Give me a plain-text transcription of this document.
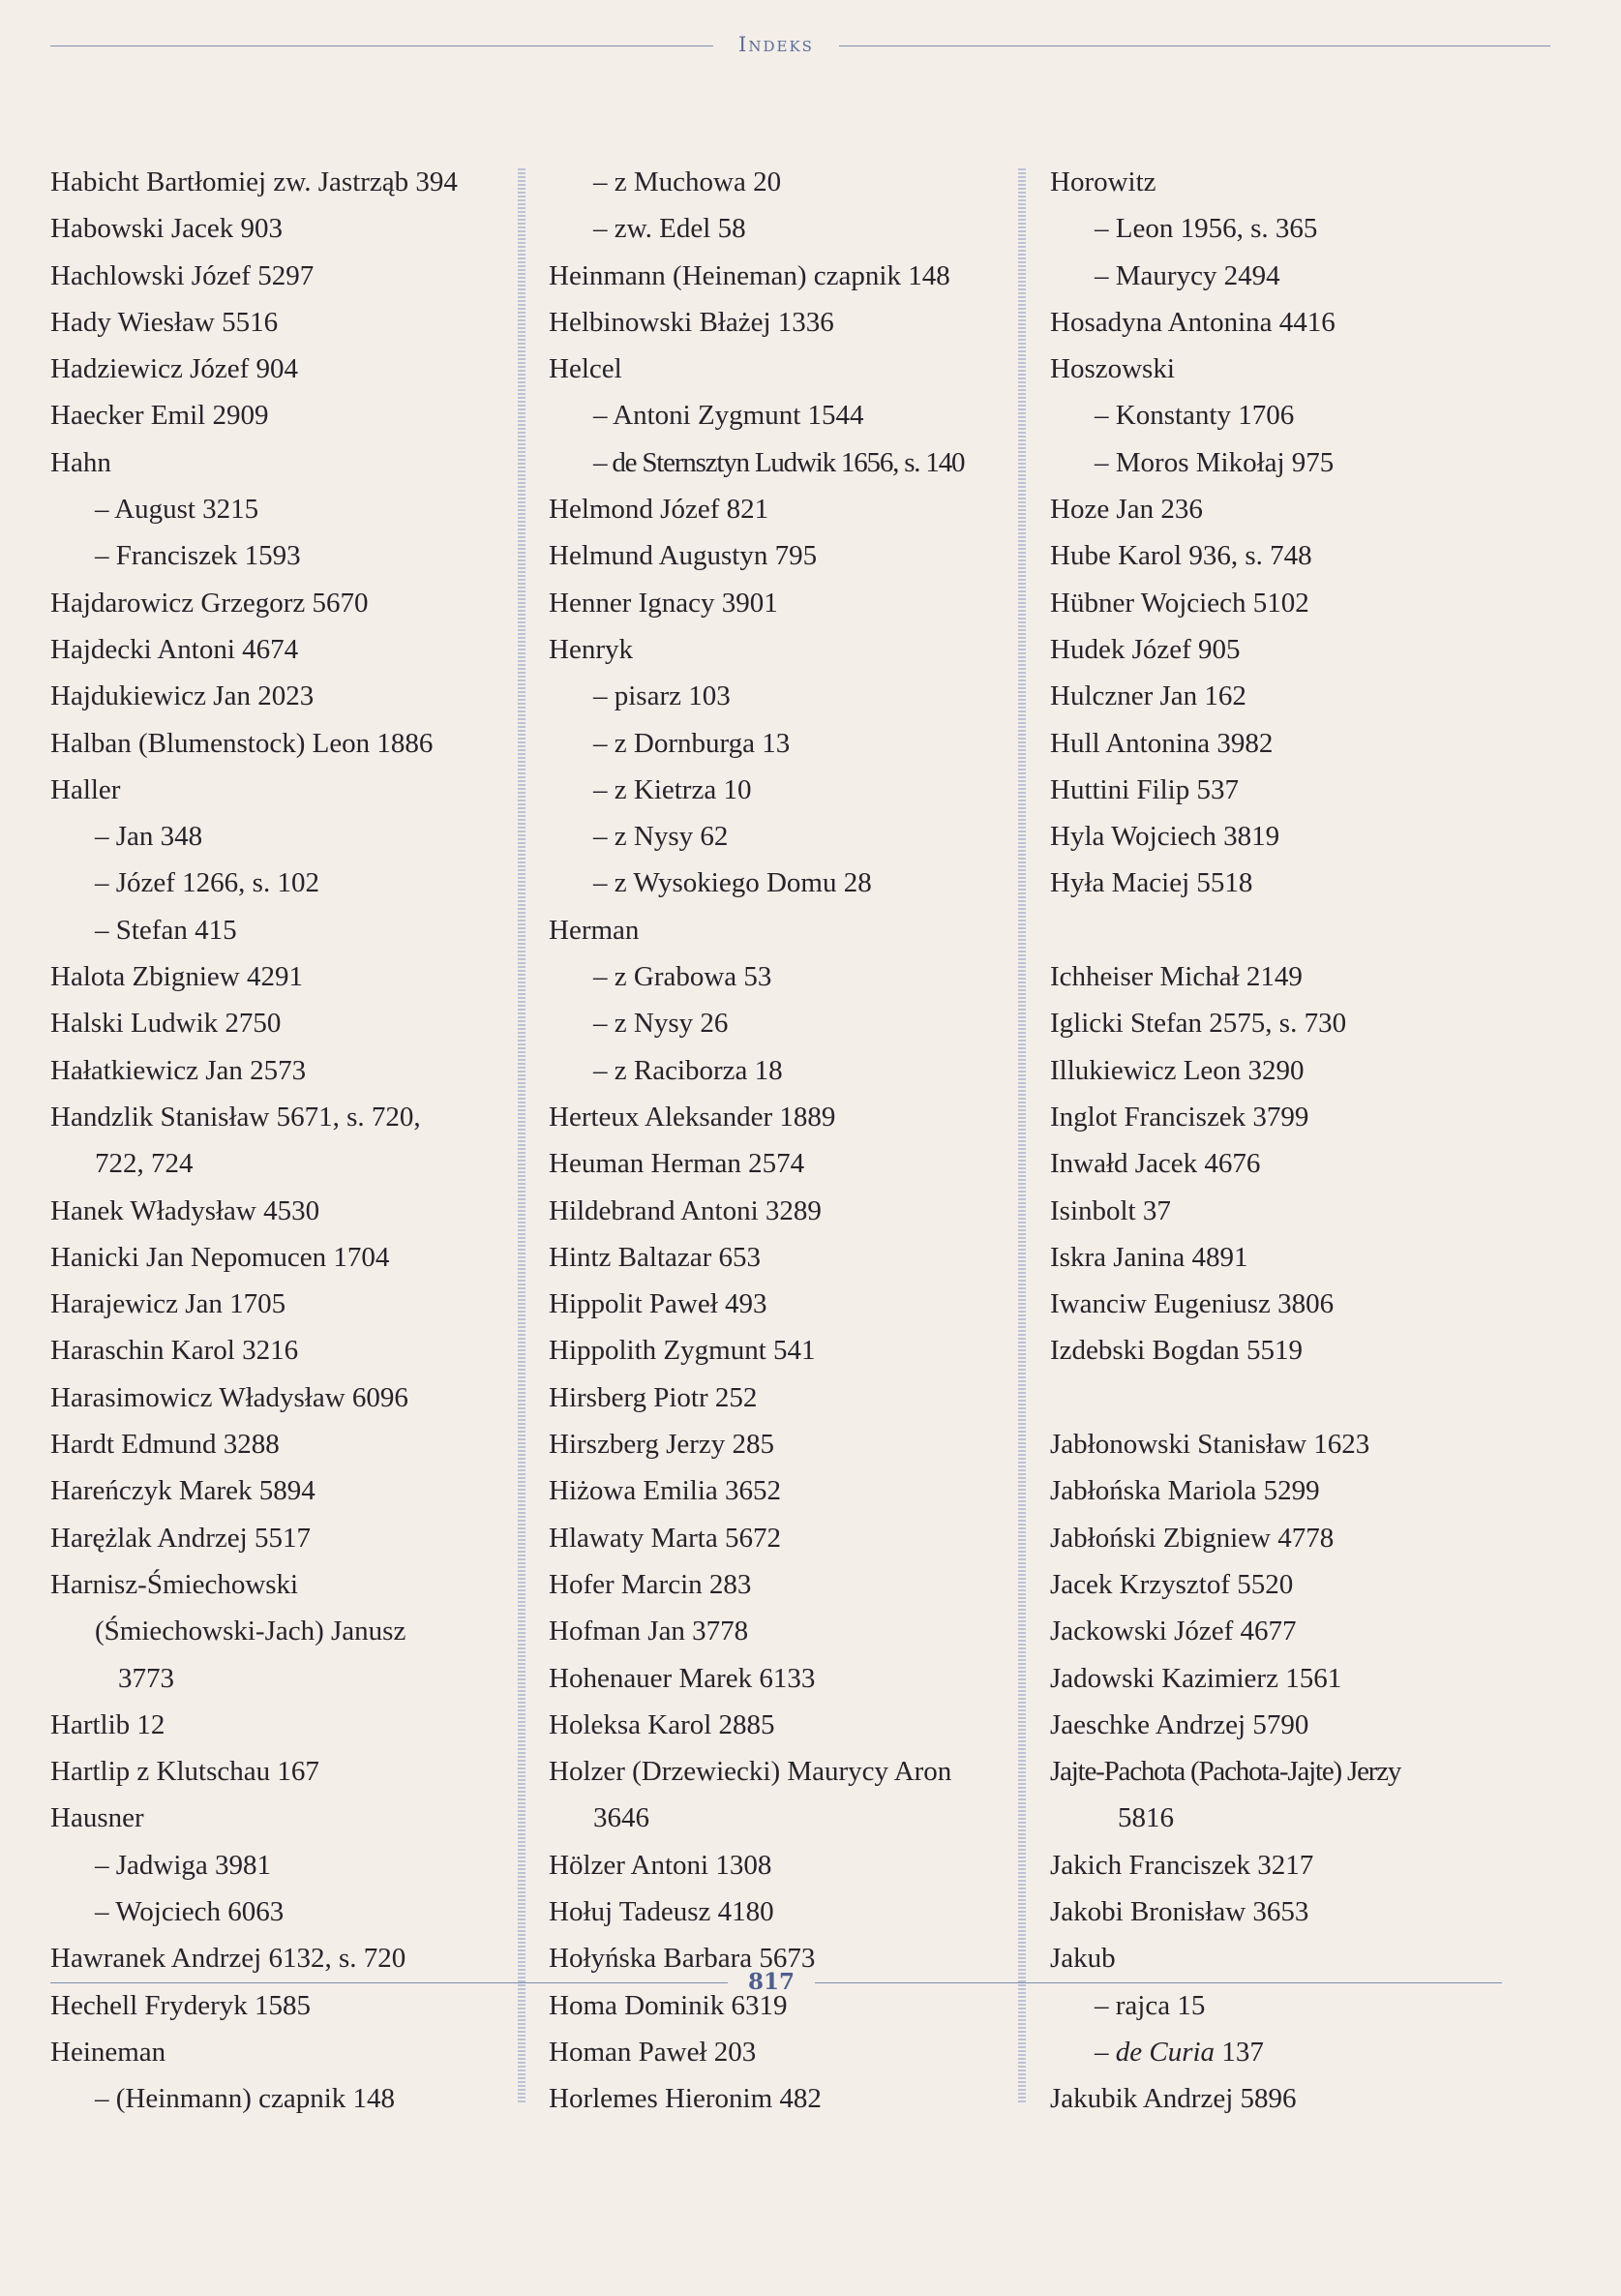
Indeks
Habicht Bartłomiej zw. Jastrząb 394
Habowski Jacek 903
Hachlowski Józef 5297
Hady Wiesław 5516
Hadziewicz Józef 904
Haecker Emil 2909
Hahn
– August 3215
– Franciszek 1593
Hajdarowicz Grzegorz 5670
Hajdecki Antoni 4674
Hajdukiewicz Jan 2023
Halban (Blumenstock) Leon 1886
Haller
– Jan 348
– Józef 1266, s. 102
– Stefan 415
Halota Zbigniew 4291
Halski Ludwik 2750
Hałatkiewicz Jan 2573
Handzlik Stanisław 5671, s. 720,
722, 724
Hanek Władysław 4530
Hanicki Jan Nepomucen 1704
Harajewicz Jan 1705
Haraschin Karol 3216
Harasimowicz Władysław 6096
Hardt Edmund 3288
Hareńczyk Marek 5894
Harężlak Andrzej 5517
Harnisz-Śmiechowski
(Śmiechowski-Jach) Janusz
3773
Hartlib 12
Hartlip z Klutschau 167
Hausner
– Jadwiga 3981
– Wojciech 6063
Hawranek Andrzej 6132, s. 720
Hechell Fryderyk 1585
Heineman
– (Heinmann) czapnik 148
– z Muchowa 20
– zw. Edel 58
Heinmann (Heineman) czapnik 148
Helbinowski Błażej 1336
Helcel
– Antoni Zygmunt 1544
– de Sternsztyn Ludwik 1656, s. 140
Helmond Józef 821
Helmund Augustyn 795
Henner Ignacy 3901
Henryk
– pisarz 103
– z Dornburga 13
– z Kietrza 10
– z Nysy 62
– z Wysokiego Domu 28
Herman
– z Grabowa 53
– z Nysy 26
– z Raciborza 18
Herteux Aleksander 1889
Heuman Herman 2574
Hildebrand Antoni 3289
Hintz Baltazar 653
Hippolit Paweł 493
Hippolith Zygmunt 541
Hirsberg Piotr 252
Hirszberg Jerzy 285
Hiżowa Emilia 3652
Hlawaty Marta 5672
Hofer Marcin 283
Hofman Jan 3778
Hohenauer Marek 6133
Holeksa Karol 2885
Holzer (Drzewiecki) Maurycy Aron
3646
Hölzer Antoni 1308
Hołuj Tadeusz 4180
Hołyńska Barbara 5673
Homa Dominik 6319
Homan Paweł 203
Horlemes Hieronim 482
Horowitz
– Leon 1956, s. 365
– Maurycy 2494
Hosadyna Antonina 4416
Hoszowski
– Konstanty 1706
– Moros Mikołaj 975
Hoze Jan 236
Hube Karol 936, s. 748
Hübner Wojciech 5102
Hudek Józef 905
Hulczner Jan 162
Hull Antonina 3982
Huttini Filip 537
Hyla Wojciech 3819
Hyła Maciej 5518
Ichheiser Michał 2149
Iglicki Stefan 2575, s. 730
Illukiewicz Leon 3290
Inglot Franciszek 3799
Inwałd Jacek 4676
Isinbolt 37
Iskra Janina 4891
Iwanciw Eugeniusz 3806
Izdebski Bogdan 5519
Jabłonowski Stanisław 1623
Jabłońska Mariola 5299
Jabłoński Zbigniew 4778
Jacek Krzysztof 5520
Jackowski Józef 4677
Jadowski Kazimierz 1561
Jaeschke Andrzej 5790
Jajte-Pachota (Pachota-Jajte) Jerzy
5816
Jakich Franciszek 3217
Jakobi Bronisław 3653
Jakub
– rajca 15
– de Curia 137
Jakubik Andrzej 5896
817
